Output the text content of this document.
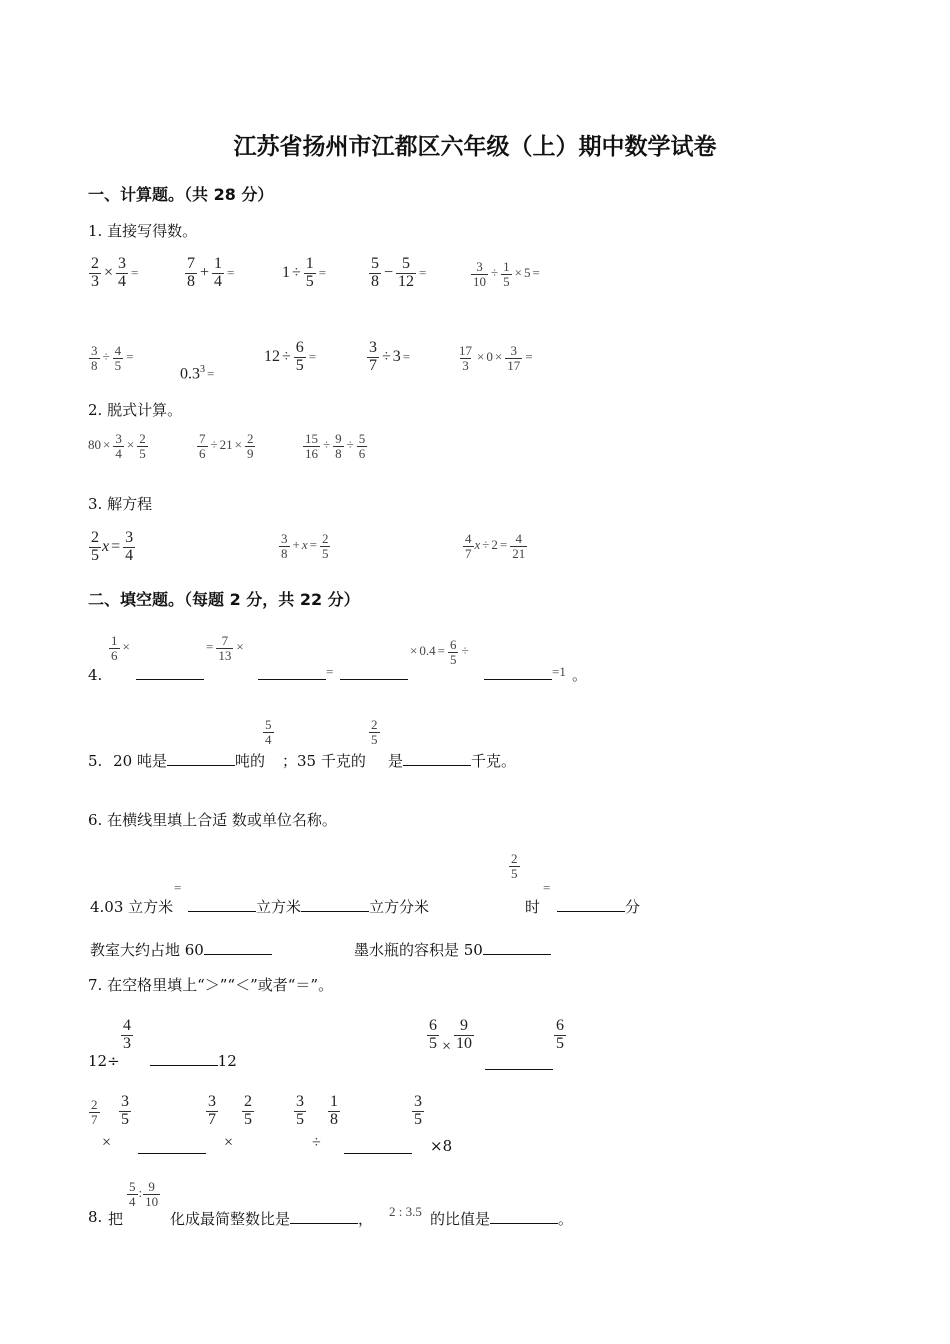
江苏省扬州市江都区六年级（上）期中数学试卷
一、计算题。（共 28 分）
1. 直接写得数。
$\frac{2}{3} \times \frac{3}{4}$ =	$\frac{7}{8} + \frac{1}{4}$ =	$1 \div \frac{1}{5}$ =	$\frac{5}{8} - \frac{5}{12}$ =	$\frac{3}{10} \div \frac{1}{5} \times 5$ =
$\frac{3}{8} \div \frac{4}{5}$ =
$0.3^3$ =
$12 \div \frac{6}{5}$ =	$\frac{3}{7} \div 3$ =	$\frac{17}{3} \times 0 \times \frac{3}{17}$ =
2. 脱式计算。
$80 \times \frac{3}{4} \times \frac{2}{5}$	$\frac{7}{6} \div 21 \times \frac{2}{9}$	$\frac{15}{16} \div \frac{9}{8} \div \frac{5}{6}$
3. 解方程
$\frac{2}{5}$ $x = \frac{3}{4}$	$\frac{3}{8} + x = \frac{2}{5}$	$\frac{4}{7}$ $x \div 2 = \frac{4}{21}$
二、填空题。（每题 2 分，共 22 分）
4.
$\frac{1}{6}$ ×	= $\frac{7}{13}$ ×
=
× $0.4 = \frac{6}{5}$ ÷
=1 。
5. 20 吨是	吨的
$\frac{5}{4}$
；35 千克的
$\frac{2}{5}$
是	千克。
6. 在横线里填上合适 数或单位名称。
4.03 立方米
=
立方米	立方分米
$\frac{2}{5}$
时
=
分
教室大约占地 60	墨水瓶的容积是 50
7. 在空格里填上“＞”“＜”或者“＝”。
$\frac{4}{3}$
12÷	12
$\frac{6}{5} \times \frac{9}{10}$	$\frac{6}{5}$
$\frac{2}{7}$
×
$\frac{3}{5}$	$\frac{3}{7}$
×
$\frac{2}{5}$	$\frac{3}{5}$
÷
$\frac{1}{8}$	$\frac{3}{5}$
×8
8. 把
$\frac{5}{4}$ : $\frac{9}{10}$
化成最简整数比是	， 2 : 3.5 的比值是	。
